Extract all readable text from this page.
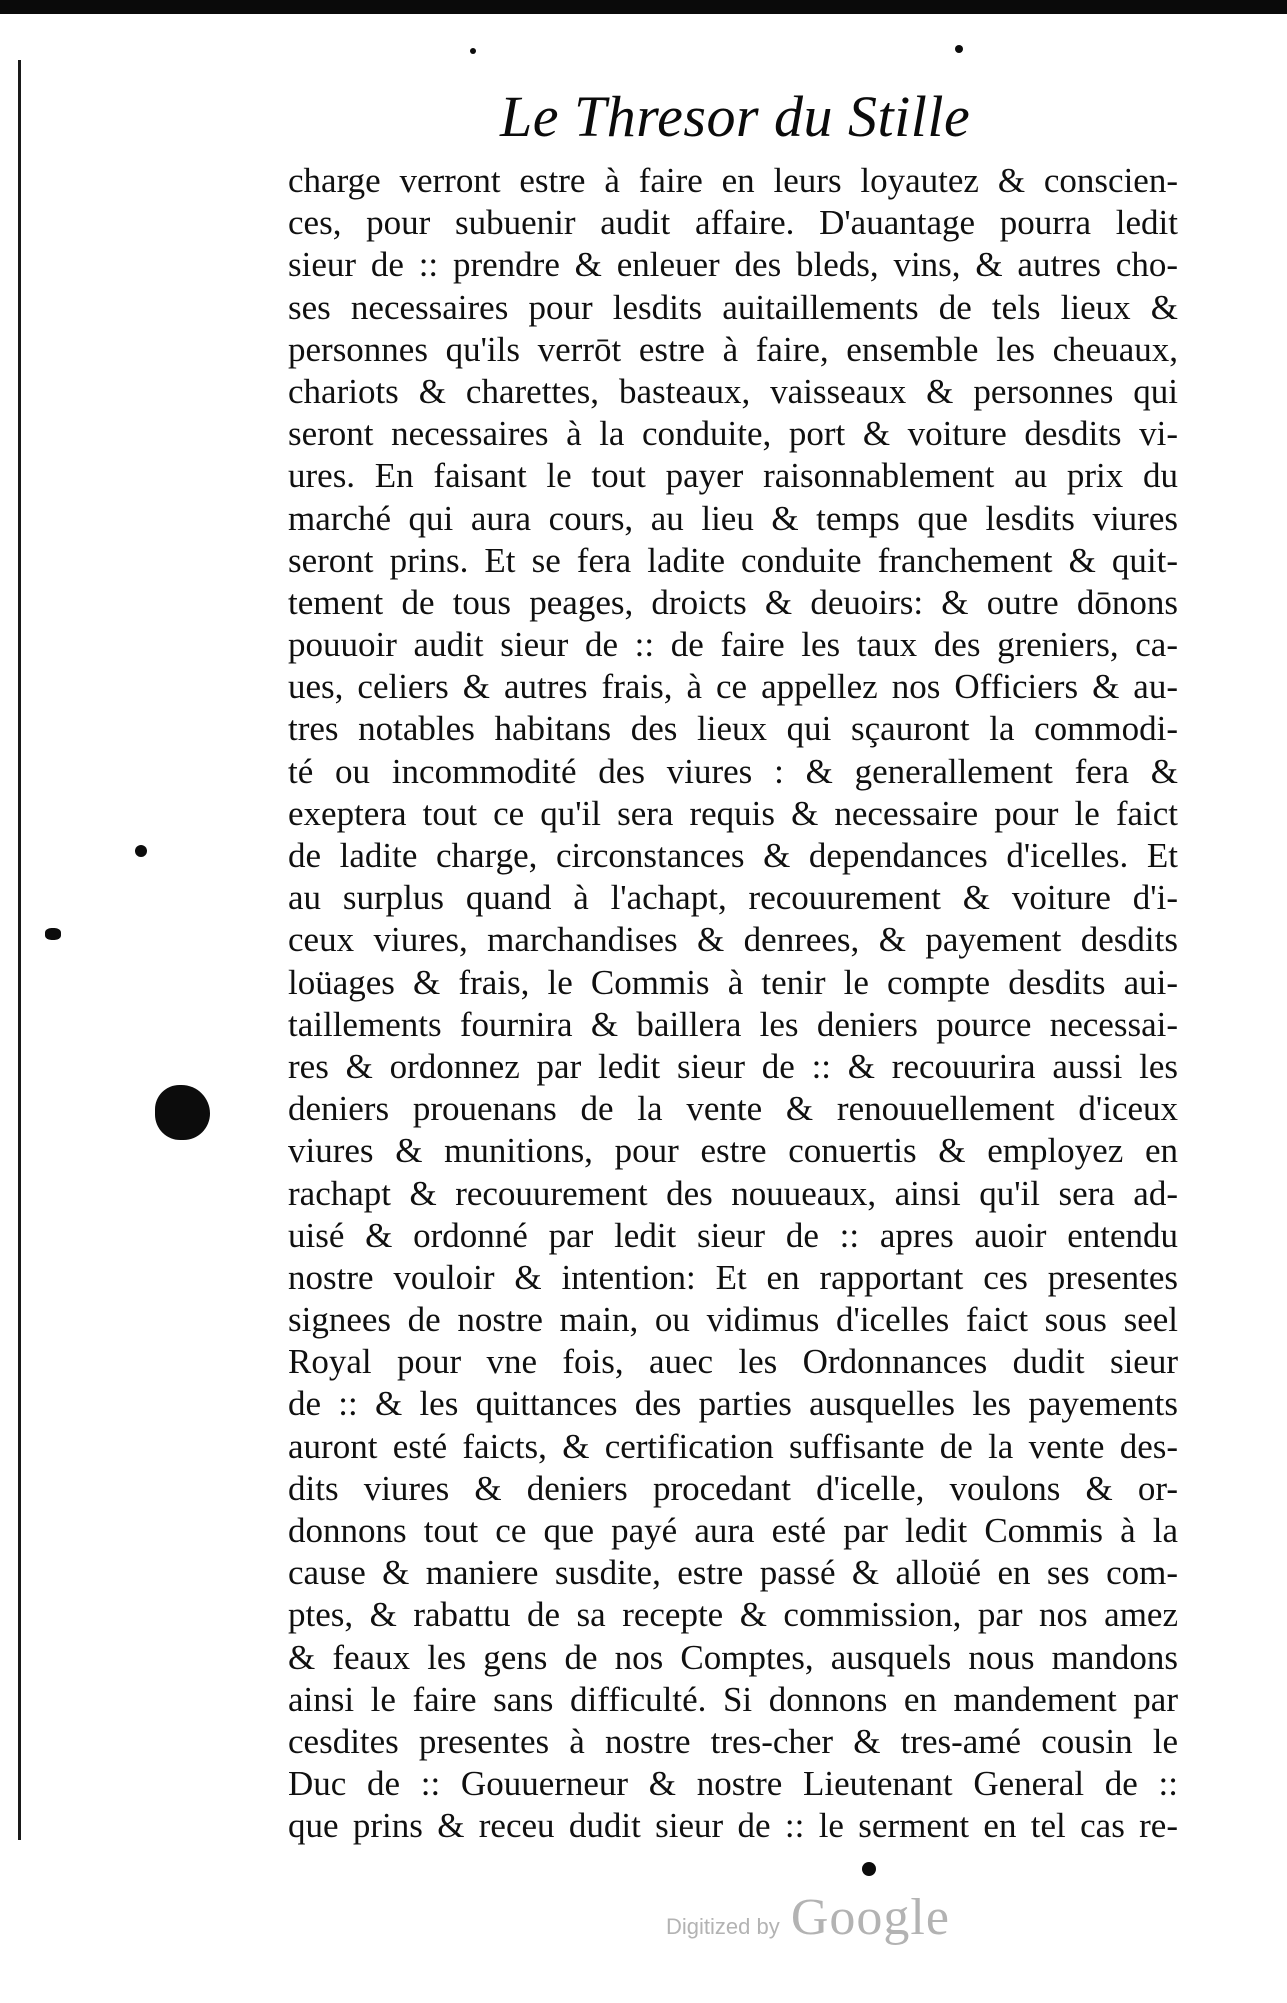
Le Thresor du Stille
charge verront estre à faire en leurs loyautez & conscien-
ces, pour subuenir audit affaire. D'auantage pourra ledit
sieur de :: prendre & enleuer des bleds, vins, & autres cho-
ses necessaires pour lesdits auitaillements de tels lieux &
personnes qu'ils verrōt estre à faire, ensemble les cheuaux,
chariots & charettes, basteaux, vaisseaux & personnes qui
seront necessaires à la conduite, port & voiture desdits vi-
ures. En faisant le tout payer raisonnablement au prix du
marché qui aura cours, au lieu & temps que lesdits viures
seront prins. Et se fera ladite conduite franchement & quit-
tement de tous peages, droicts & deuoirs: & outre dōnons
pouuoir audit sieur de :: de faire les taux des greniers, ca-
ues, celiers & autres frais, à ce appellez nos Officiers & au-
tres notables habitans des lieux qui sçauront la commodi-
té ou incommodité des viures : & generallement fera &
exeptera tout ce qu'il sera requis & necessaire pour le faict
de ladite charge, circonstances & dependances d'icelles. Et
au surplus quand à l'achapt, recouurement & voiture d'i-
ceux viures, marchandises & denrees, & payement desdits
loüages & frais, le Commis à tenir le compte desdits aui-
taillements fournira & baillera les deniers pource necessai-
res & ordonnez par ledit sieur de :: & recouurira aussi les
deniers prouenans de la vente & renouuellement d'iceux
viures & munitions, pour estre conuertis & employez en
rachapt & recouurement des nouueaux, ainsi qu'il sera ad-
uisé & ordonné par ledit sieur de :: apres auoir entendu
nostre vouloir & intention: Et en rapportant ces presentes
signees de nostre main, ou vidimus d'icelles faict sous seel
Royal pour vne fois, auec les Ordonnances dudit sieur
de :: & les quittances des parties ausquelles les payements
auront esté faicts, & certification suffisante de la vente des-
dits viures & deniers procedant d'icelle, voulons & or-
donnons tout ce que payé aura esté par ledit Commis à la
cause & maniere susdite, estre passé & alloüé en ses com-
ptes, & rabattu de sa recepte & commission, par nos amez
& feaux les gens de nos Comptes, ausquels nous mandons
ainsi le faire sans difficulté. Si donnons en mandement par
cesdites presentes à nostre tres-cher & tres-amé cousin le
Duc de :: Gouuerneur & nostre Lieutenant General de ::
que prins & receu dudit sieur de :: le serment en tel cas re-
Digitized by Google
